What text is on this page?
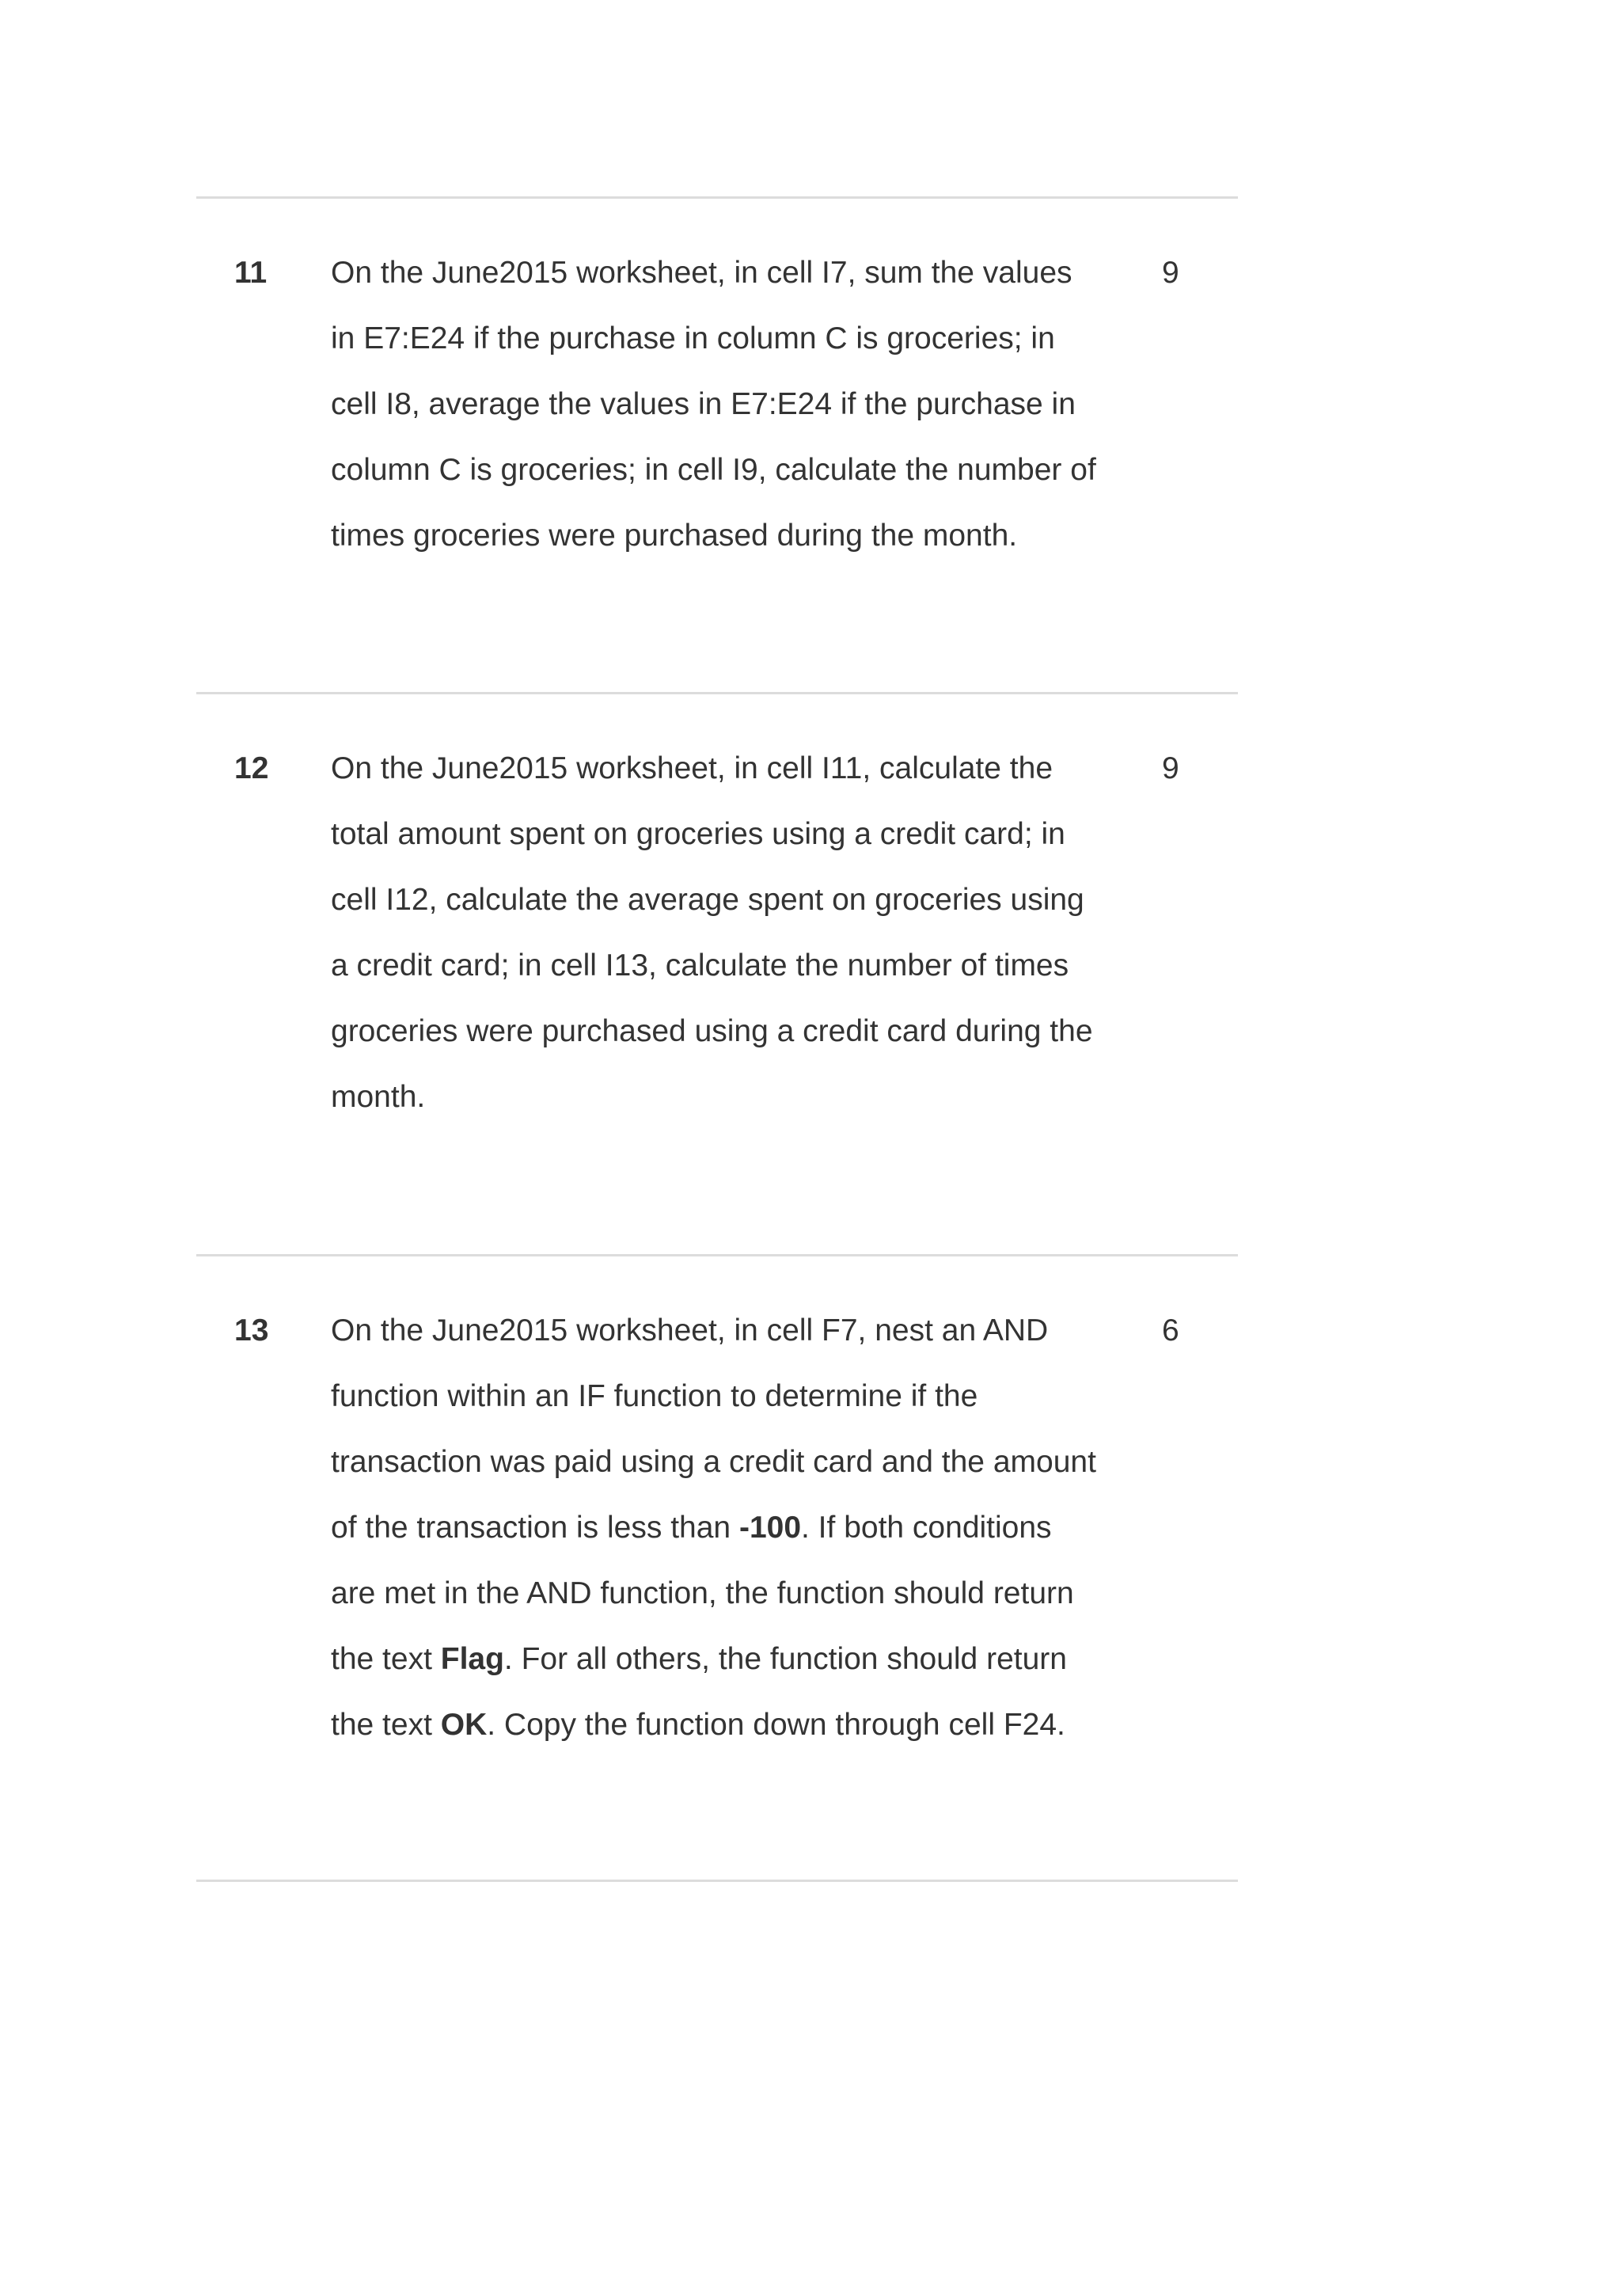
11 On the June2015 worksheet, in cell I7, sum the values
in E7:E24 if the purchase in column C is groceries; in
cell I8, average the values in E7:E24 if the purchase in
column C is groceries; in cell I9, calculate the number of
times groceries were purchased during the month.
9
12 On the June2015 worksheet, in cell I11, calculate the
total amount spent on groceries using a credit card; in
cell I12, calculate the average spent on groceries using
a credit card; in cell I13, calculate the number of times
groceries were purchased using a credit card during the
month.
9
13 On the June2015 worksheet, in cell F7, nest an AND
function within an IF function to determine if the
transaction was paid using a credit card and the amount
of the transaction is less than -100. If both conditions
are met in the AND function, the function should return
the text Flag. For all others, the function should return
the text OK. Copy the function down through cell F24.
6
